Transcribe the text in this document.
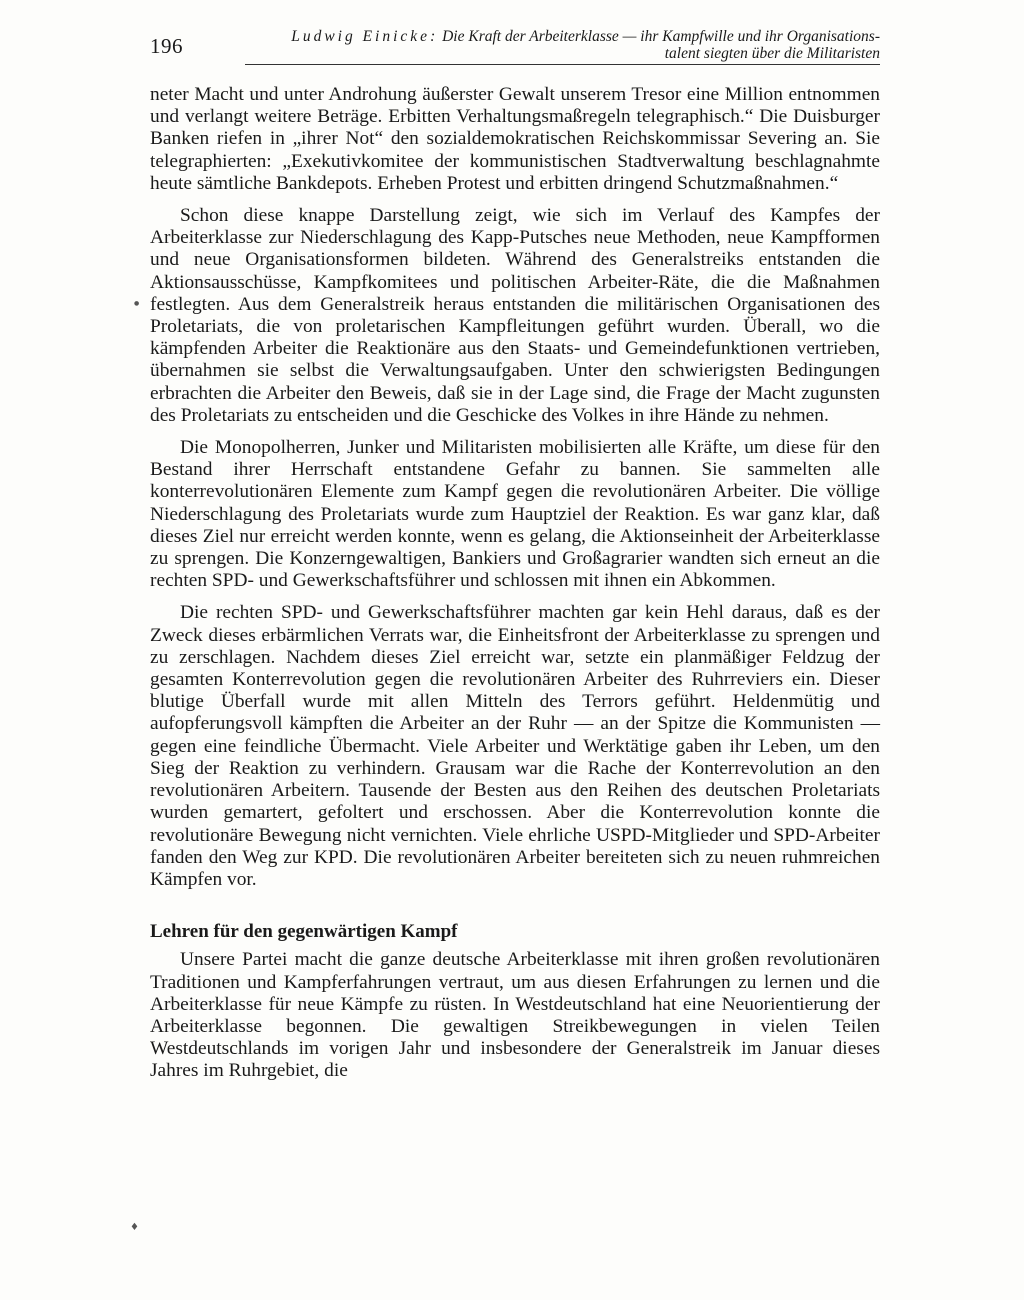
196	Ludwig Einicke: Die Kraft der Arbeiterklasse — ihr Kampfwille und ihr Organisations-
talent siegten über die Militaristen

neter Macht und unter Androhung äußerster Gewalt unserem Tresor eine Million entnommen und verlangt weitere Beträge. Erbitten Verhaltungsmaßregeln telegraphisch.“ Die Duisburger Banken riefen in „ihrer Not“ den sozialdemokratischen Reichskommissar Severing an. Sie telegraphierten: „Exekutivkomitee der kommunistischen Stadtverwaltung beschlagnahmte heute sämtliche Bankdepots. Erheben Protest und erbitten dringend Schutzmaßnahmen.“

Schon diese knappe Darstellung zeigt, wie sich im Verlauf des Kampfes der Arbeiterklasse zur Niederschlagung des Kapp-Putsches neue Methoden, neue Kampfformen und neue Organisationsformen bildeten. Während des Generalstreiks entstanden die Aktionsausschüsse, Kampfkomitees und politischen Arbeiter-Räte, die die Maßnahmen festlegten. Aus dem Generalstreik heraus entstanden die militärischen Organisationen des Proletariats, die von proletarischen Kampfleitungen geführt wurden. Überall, wo die kämpfenden Arbeiter die Reaktionäre aus den Staats- und Gemeindefunktionen vertrieben, übernahmen sie selbst die Verwaltungsaufgaben. Unter den schwierigsten Bedingungen erbrachten die Arbeiter den Beweis, daß sie in der Lage sind, die Frage der Macht zugunsten des Proletariats zu entscheiden und die Geschicke des Volkes in ihre Hände zu nehmen.

Die Monopolherren, Junker und Militaristen mobilisierten alle Kräfte, um diese für den Bestand ihrer Herrschaft entstandene Gefahr zu bannen. Sie sammelten alle konterrevolutionären Elemente zum Kampf gegen die revolutionären Arbeiter. Die völlige Niederschlagung des Proletariats wurde zum Hauptziel der Reaktion. Es war ganz klar, daß dieses Ziel nur erreicht werden konnte, wenn es gelang, die Aktionseinheit der Arbeiterklasse zu sprengen. Die Konzerngewaltigen, Bankiers und Großagrarier wandten sich erneut an die rechten SPD- und Gewerkschaftsführer und schlossen mit ihnen ein Abkommen.

Die rechten SPD- und Gewerkschaftsführer machten gar kein Hehl daraus, daß es der Zweck dieses erbärmlichen Verrats war, die Einheitsfront der Arbeiterklasse zu sprengen und zu zerschlagen. Nachdem dieses Ziel erreicht war, setzte ein planmäßiger Feldzug der gesamten Konterrevolution gegen die revolutionären Arbeiter des Ruhrreviers ein. Dieser blutige Überfall wurde mit allen Mitteln des Terrors geführt. Heldenmütig und aufopferungsvoll kämpften die Arbeiter an der Ruhr — an der Spitze die Kommunisten — gegen eine feindliche Übermacht. Viele Arbeiter und Werktätige gaben ihr Leben, um den Sieg der Reaktion zu verhindern. Grausam war die Rache der Konterrevolution an den revolutionären Arbeitern. Tausende der Besten aus den Reihen des deutschen Proletariats wurden gemartert, gefoltert und erschossen. Aber die Konterrevolution konnte die revolutionäre Bewegung nicht vernichten. Viele ehrliche USPD-Mitglieder und SPD-Arbeiter fanden den Weg zur KPD. Die revolutionären Arbeiter bereiteten sich zu neuen ruhmreichen Kämpfen vor.

Lehren für den gegenwärtigen Kampf

Unsere Partei macht die ganze deutsche Arbeiterklasse mit ihren großen revolutionären Traditionen und Kampferfahrungen vertraut, um aus diesen Erfahrungen zu lernen und die Arbeiterklasse für neue Kämpfe zu rüsten. In Westdeutschland hat eine Neuorientierung der Arbeiterklasse begonnen. Die gewaltigen Streikbewegungen in vielen Teilen Westdeutschlands im vorigen Jahr und insbesondere der Generalstreik im Januar dieses Jahres im Ruhrgebiet, die

♦
●
